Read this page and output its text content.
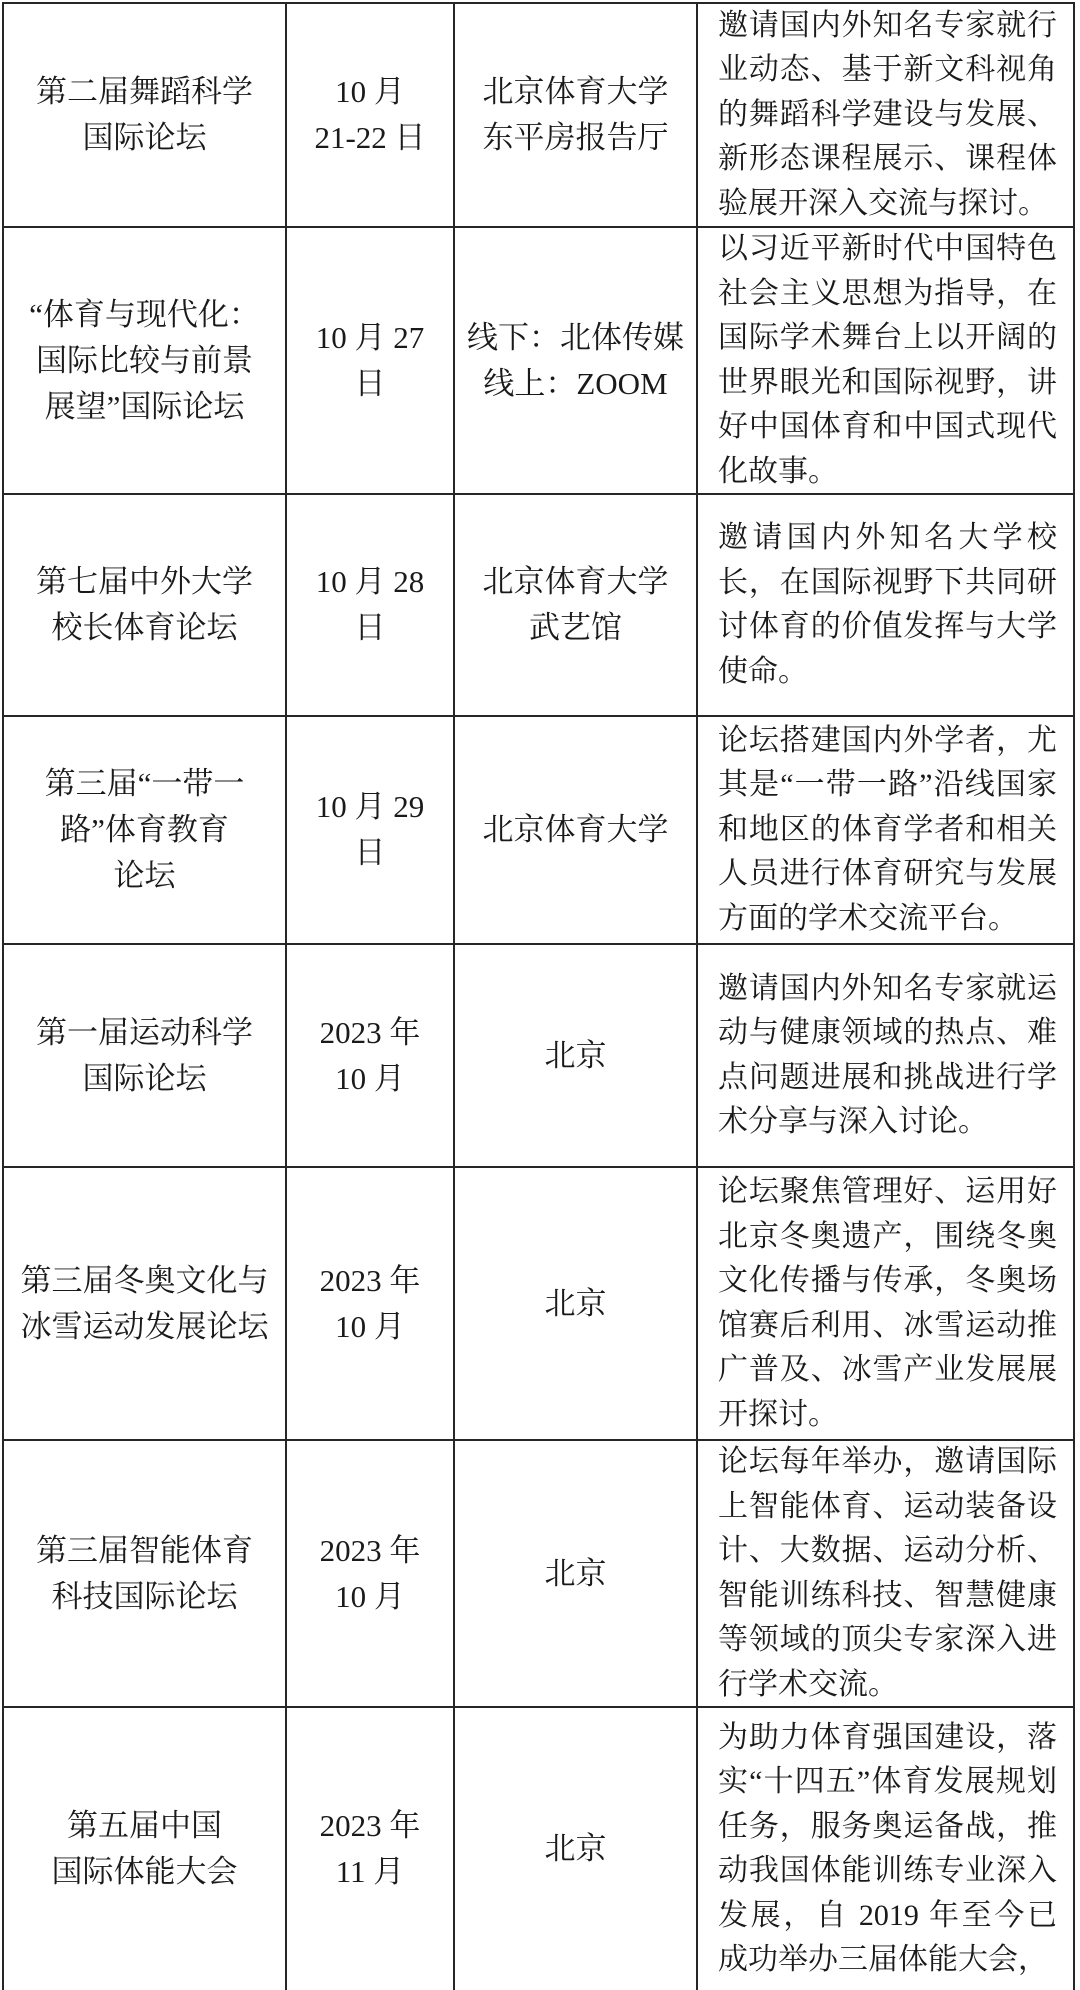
第二届舞蹈科学
国际论坛
10 月
21-22 日
北京体育大学
东平房报告厅
邀请国内外知名专家就行业动态、基于新文科视角的舞蹈科学建设与发展、新形态课程展示、课程体验展开深入交流与探讨。
“体育与现代化：
国际比较与前景
展望”国际论坛
10 月 27
日
线下：北体传媒
线上：ZOOM
以习近平新时代中国特色社会主义思想为指导，在国际学术舞台上以开阔的世界眼光和国际视野，讲好中国体育和中国式现代化故事。
第七届中外大学
校长体育论坛
10 月 28
日
北京体育大学
武艺馆
邀请国内外知名大学校长，在国际视野下共同研讨体育的价值发挥与大学使命。
第三届“一带一
路”体育教育
论坛
10 月 29
日
北京体育大学
论坛搭建国内外学者，尤其是“一带一路”沿线国家和地区的体育学者和相关人员进行体育研究与发展方面的学术交流平台。
第一届运动科学
国际论坛
2023 年
10 月
北京
邀请国内外知名专家就运动与健康领域的热点、难点问题进展和挑战进行学术分享与深入讨论。
第三届冬奥文化与
冰雪运动发展论坛
2023 年
10 月
北京
论坛聚焦管理好、运用好北京冬奥遗产，围绕冬奥文化传播与传承，冬奥场馆赛后利用、冰雪运动推广普及、冰雪产业发展展开探讨。
第三届智能体育
科技国际论坛
2023 年
10 月
北京
论坛每年举办，邀请国际上智能体育、运动装备设计、大数据、运动分析、智能训练科技、智慧健康等领域的顶尖专家深入进行学术交流。
第五届中国
国际体能大会
2023 年
11 月
北京
为助力体育强国建设，落实“十四五”体育发展规划任务，服务奥运备战，推动我国体能训练专业深入发展，自 2019 年至今已成功举办三届体能大会，
